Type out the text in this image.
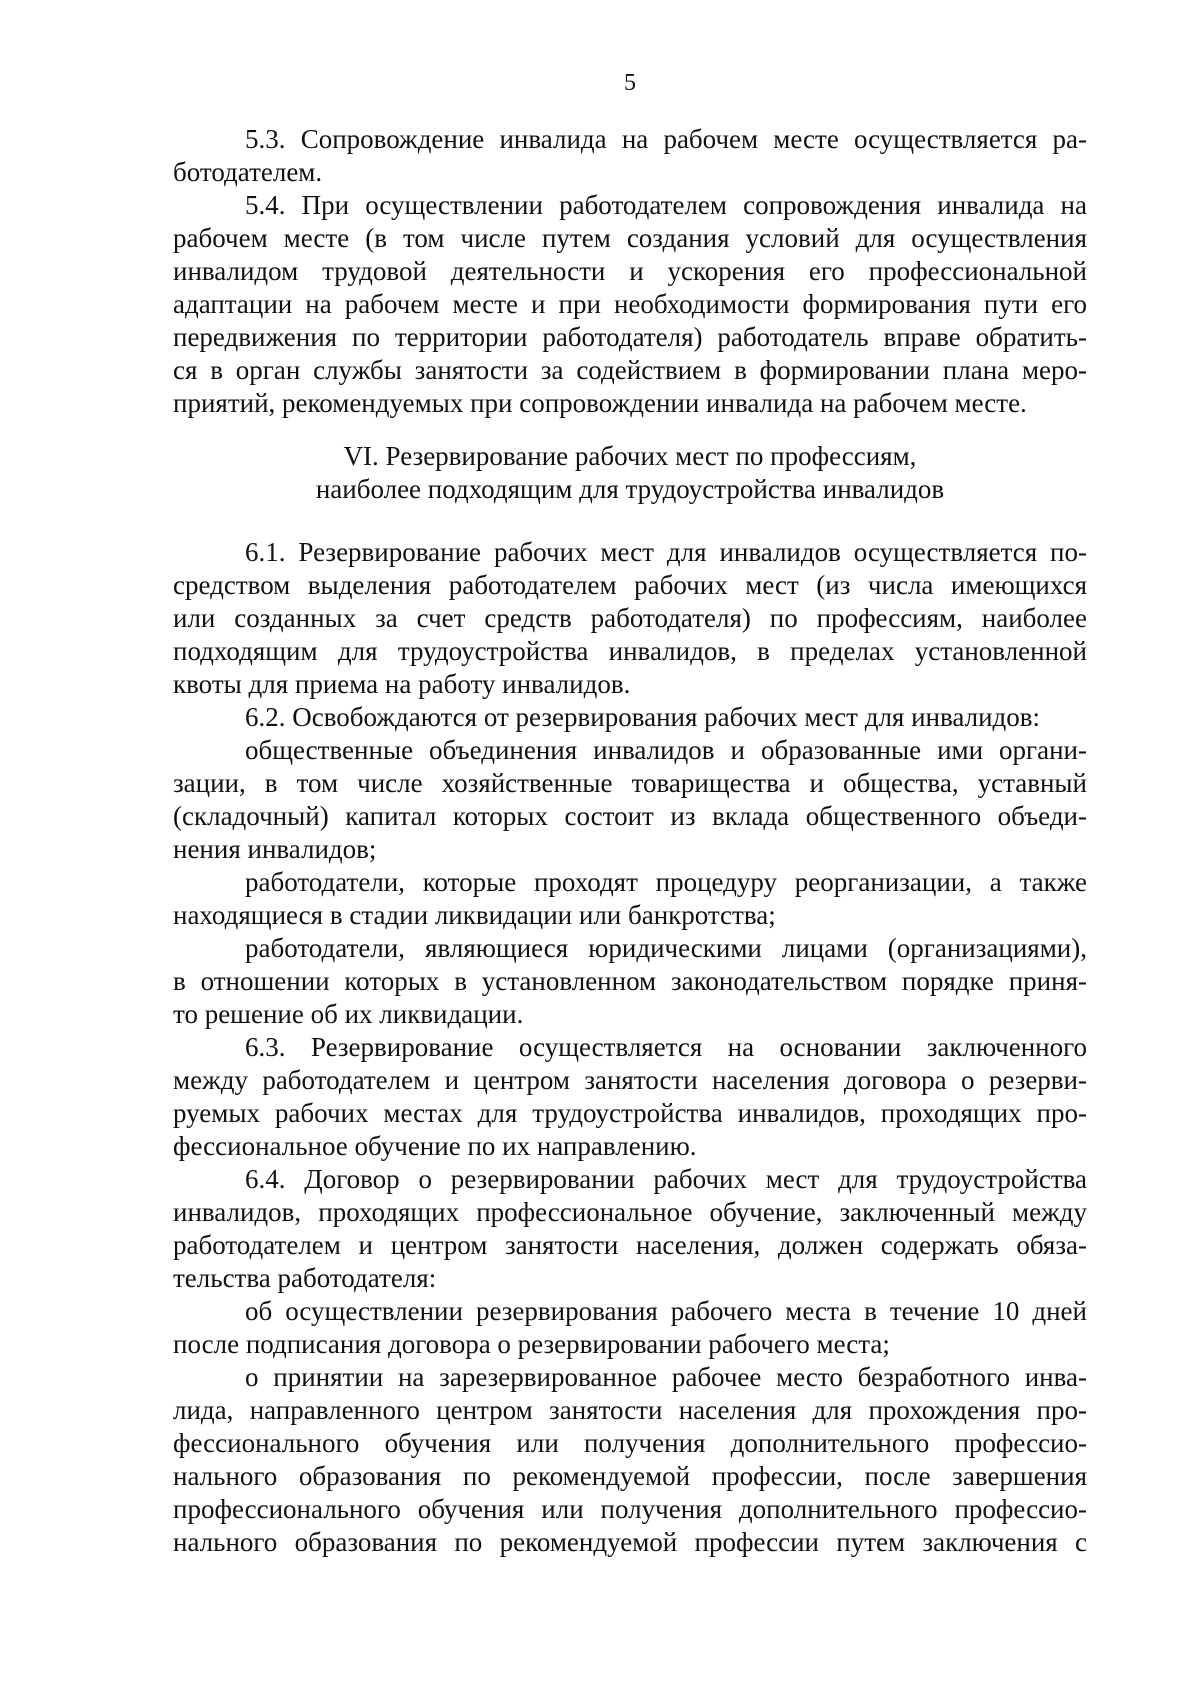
5
5.3. Сопровождение инвалида на рабочем месте осуществляется ра-
ботодателем.
5.4. При осуществлении работодателем сопровождения инвалида на
рабочем месте (в том числе путем создания условий для осуществления
инвалидом трудовой деятельности и ускорения его профессиональной
адаптации на рабочем месте и при необходимости формирования пути его
передвижения по территории работодателя) работодатель вправе обратить-
ся в орган службы занятости за содействием в формировании плана меро-
приятий, рекомендуемых при сопровождении инвалида на рабочем месте.
VI. Резервирование рабочих мест по профессиям,
наиболее подходящим для трудоустройства инвалидов
6.1. Резервирование рабочих мест для инвалидов осуществляется по-
средством выделения работодателем рабочих мест (из числа имеющихся
или созданных за счет средств работодателя) по профессиям, наиболее
подходящим для трудоустройства инвалидов, в пределах установленной
квоты для приема на работу инвалидов.
6.2. Освобождаются от резервирования рабочих мест для инвалидов:
общественные объединения инвалидов и образованные ими органи-
зации, в том числе хозяйственные товарищества и общества, уставный
(складочный) капитал которых состоит из вклада общественного объеди-
нения инвалидов;
работодатели, которые проходят процедуру реорганизации, а также
находящиеся в стадии ликвидации или банкротства;
работодатели, являющиеся юридическими лицами (организациями),
в отношении которых в установленном законодательством порядке приня-
то решение об их ликвидации.
6.3. Резервирование осуществляется на основании заключенного
между работодателем и центром занятости населения договора о резерви-
руемых рабочих местах для трудоустройства инвалидов, проходящих про-
фессиональное обучение по их направлению.
6.4. Договор о резервировании рабочих мест для трудоустройства
инвалидов, проходящих профессиональное обучение, заключенный между
работодателем и центром занятости населения, должен содержать обяза-
тельства работодателя:
об осуществлении резервирования рабочего места в течение 10 дней
после подписания договора о резервировании рабочего места;
о принятии на зарезервированное рабочее место безработного инва-
лида, направленного центром занятости населения для прохождения про-
фессионального обучения или получения дополнительного профессио-
нального образования по рекомендуемой профессии, после завершения
профессионального обучения или получения дополнительного профессио-
нального образования по рекомендуемой профессии путем заключения с
